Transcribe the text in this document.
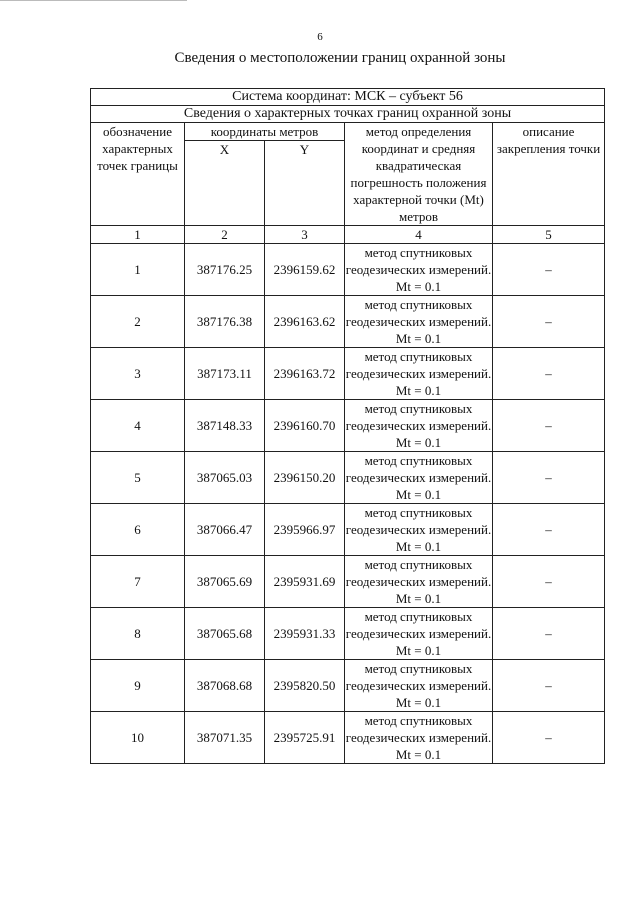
6
Сведения о местоположении границ охранной зоны
Система координат: МСК – субъект 56				
Сведения о характерных точках границ охранной зоны				
обозначение характерных точек границы	координаты метров		метод определения координат и средняя квадратическая погрешность положения характерной точки (Mt) метров	описание закрепления точки
	X	Y		
1	2	3	4	5
1	387176.25	2396159.62	метод спутниковых геодезических измерений. Mt = 0.1	–
2	387176.38	2396163.62	метод спутниковых геодезических измерений. Mt = 0.1	–
3	387173.11	2396163.72	метод спутниковых геодезических измерений. Mt = 0.1	–
4	387148.33	2396160.70	метод спутниковых геодезических измерений. Mt = 0.1	–
5	387065.03	2396150.20	метод спутниковых геодезических измерений. Mt = 0.1	–
6	387066.47	2395966.97	метод спутниковых геодезических измерений. Mt = 0.1	–
7	387065.69	2395931.69	метод спутниковых геодезических измерений. Mt = 0.1	–
8	387065.68	2395931.33	метод спутниковых геодезических измерений. Mt = 0.1	–
9	387068.68	2395820.50	метод спутниковых геодезических измерений. Mt = 0.1	–
10	387071.35	2395725.91	метод спутниковых геодезических измерений. Mt = 0.1	–
